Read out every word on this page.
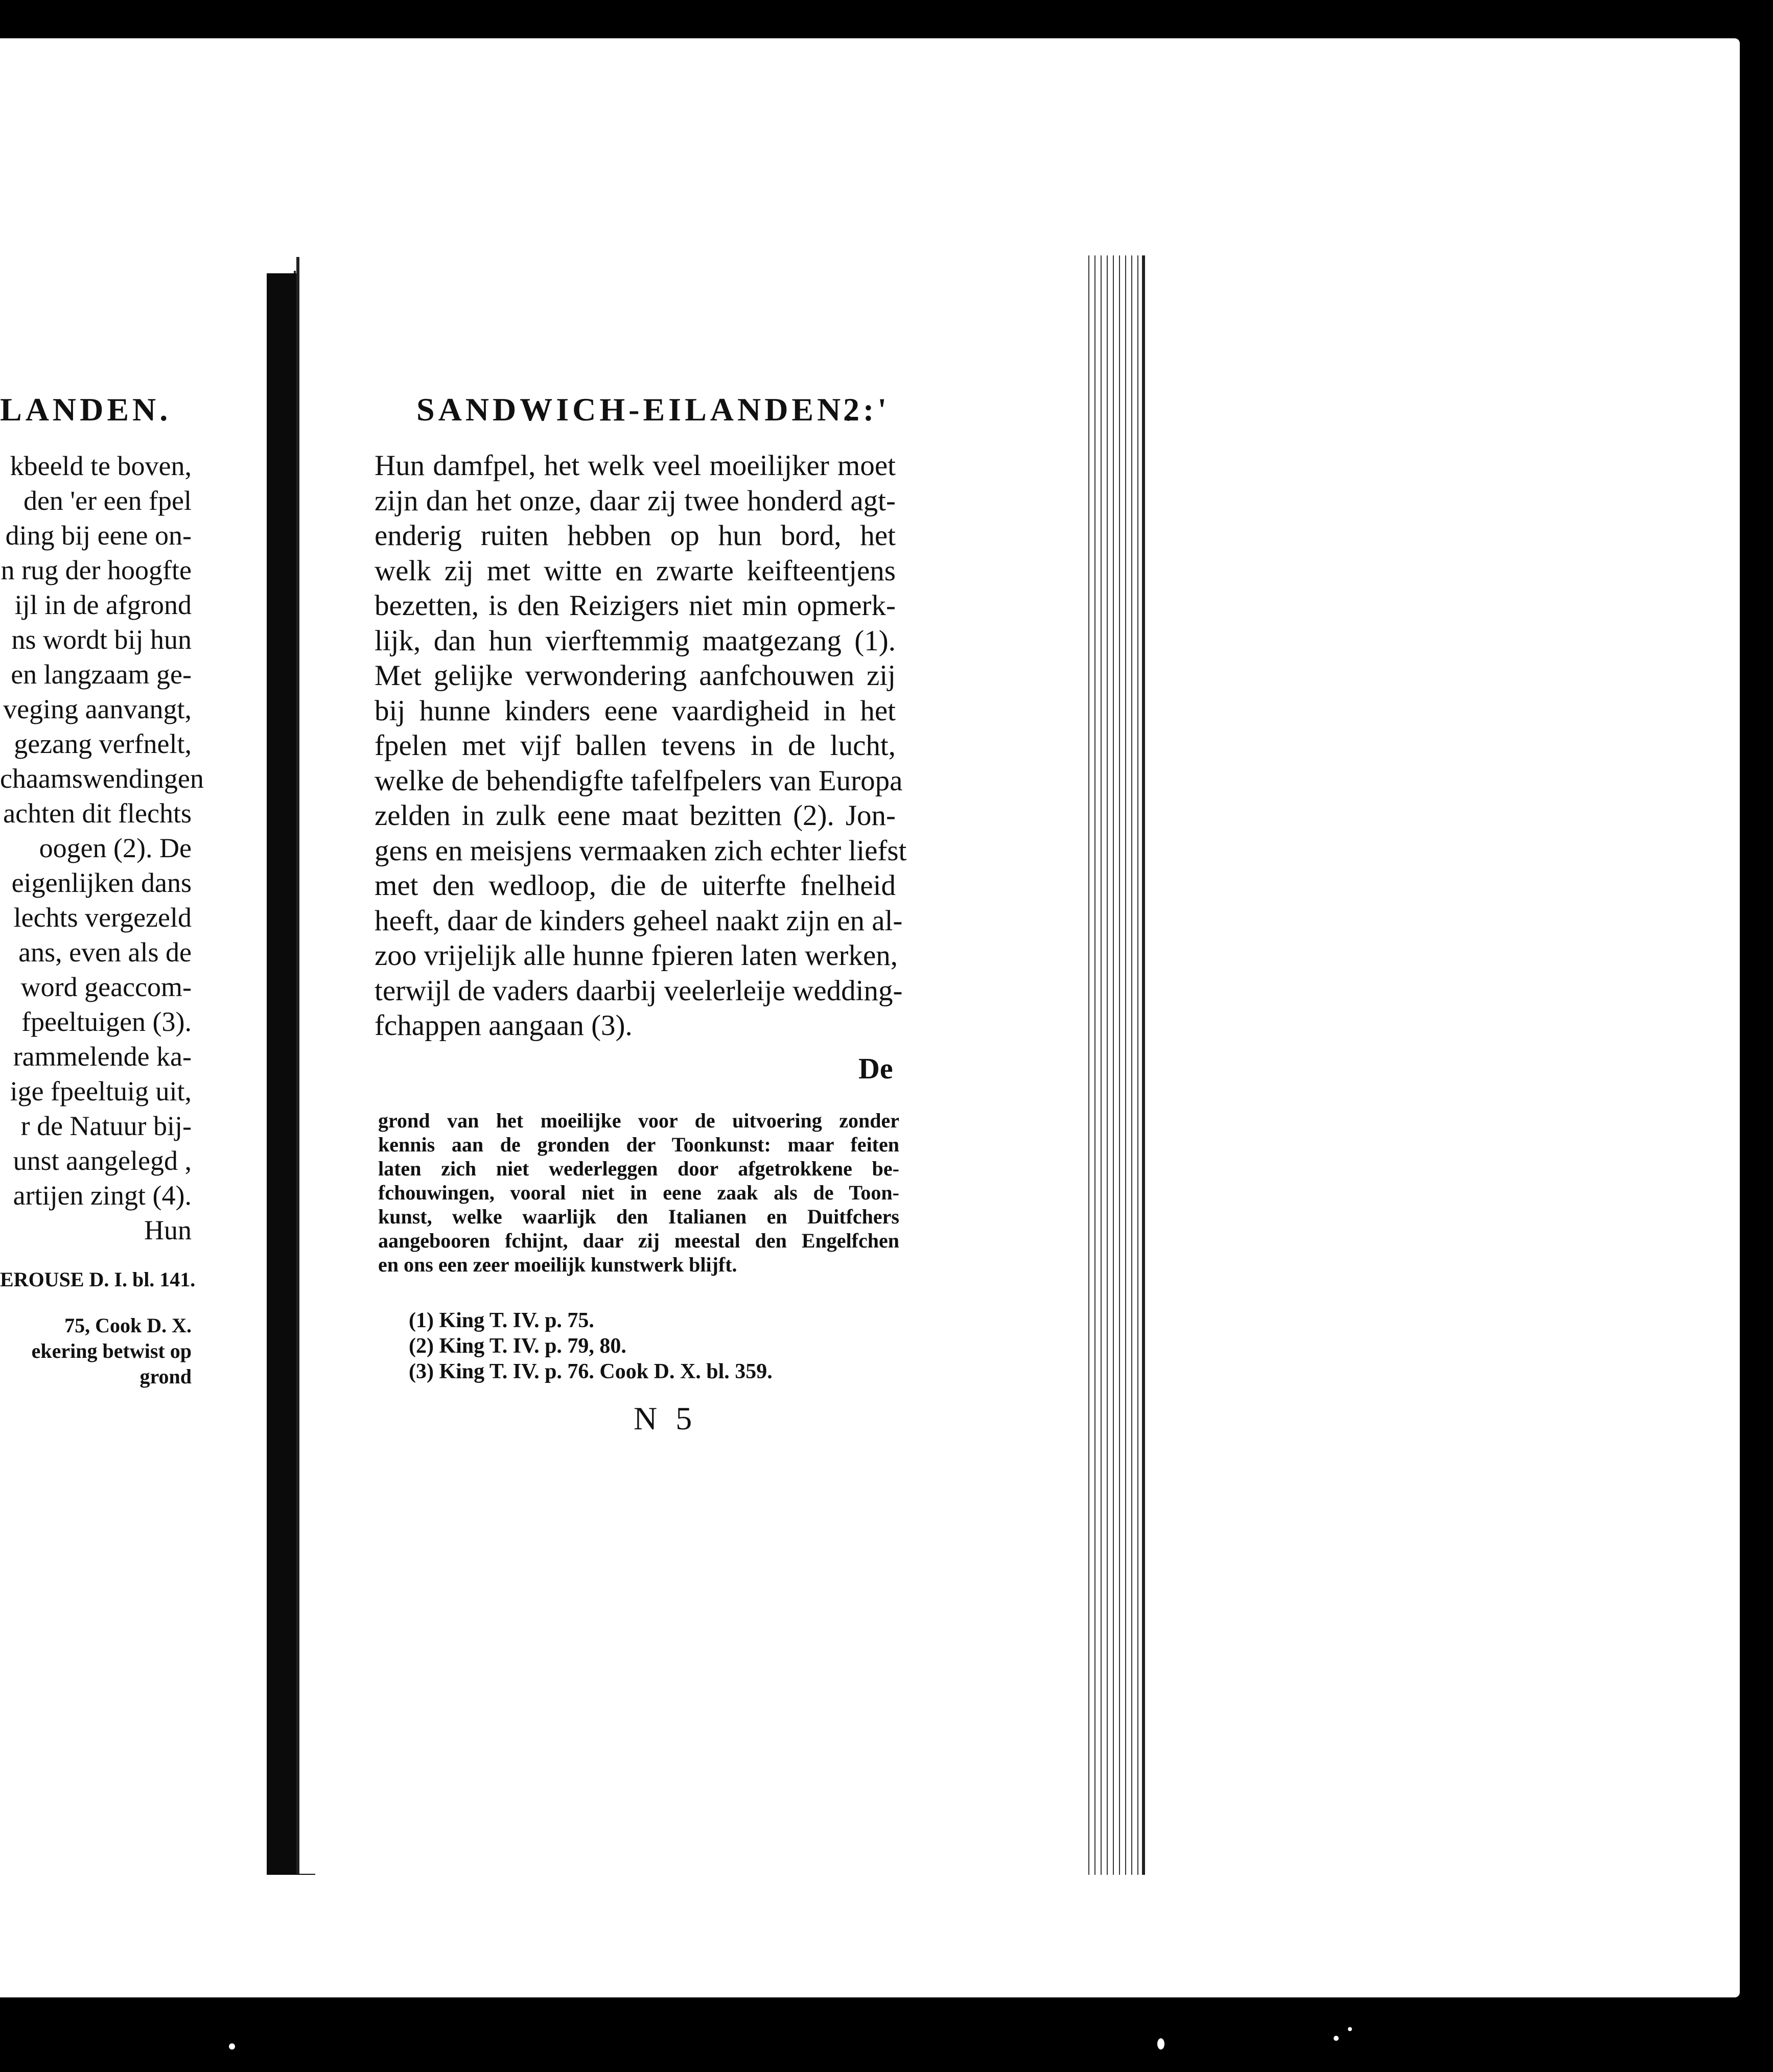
LANDEN.
kbeeld te boven,
den 'er een fpel
ding bij eene on-
n rug der hoogfte
ijl in de afgrond
ns wordt bij hun
en langzaam ge-
veging aanvangt,
gezang verfnelt,
chaamswendingen
achten dit flechts
oogen (2). De
eigenlijken dans
lechts vergezeld
ans, even als de
word geaccom-
fpeeltuigen (3).
rammelende ka-
ige fpeeltuig uit,
r de Natuur bij-
unst aangelegd ,
artijen zingt (4).
Hun
EROUSE D. I. bl. 141.
75, Cook D. X.
ekering betwist op
grond
SANDWICH-EILANDEN.
2:'
Hun damfpel, het welk veel moeilijker moet
zijn dan het onze, daar zij twee honderd agt-
enderig ruiten hebben op hun bord, het
welk zij met witte en zwarte keifteentjens
bezetten, is den Reizigers niet min opmerk-
lijk, dan hun vierftemmig maatgezang (1).
Met gelijke verwondering aanfchouwen zij
bij hunne kinders eene vaardigheid in het
fpelen met vijf ballen tevens in de lucht,
welke de behendigfte tafelfpelers van Europa
zelden in zulk eene maat bezitten (2). Jon-
gens en meisjens vermaaken zich echter liefst
met den wedloop, die de uiterfte fnelheid
heeft, daar de kinders geheel naakt zijn en al-
zoo vrijelijk alle hunne fpieren laten werken,
terwijl de vaders daarbij veelerleije wedding-
fchappen aangaan (3).
De
grond van het moeilijke voor de uitvoering zonder
kennis aan de gronden der Toonkunst: maar feiten
laten zich niet wederleggen door afgetrokkene be-
fchouwingen, vooral niet in eene zaak als de Toon-
kunst, welke waarlijk den Italianen en Duitfchers
aangebooren fchijnt, daar zij meestal den Engelfchen
en ons een zeer moeilijk kunstwerk blijft.
(1) King T. IV. p. 75.
(2) King T. IV. p. 79, 80.
(3) King T. IV. p. 76. Cook D. X. bl. 359.
N 5
